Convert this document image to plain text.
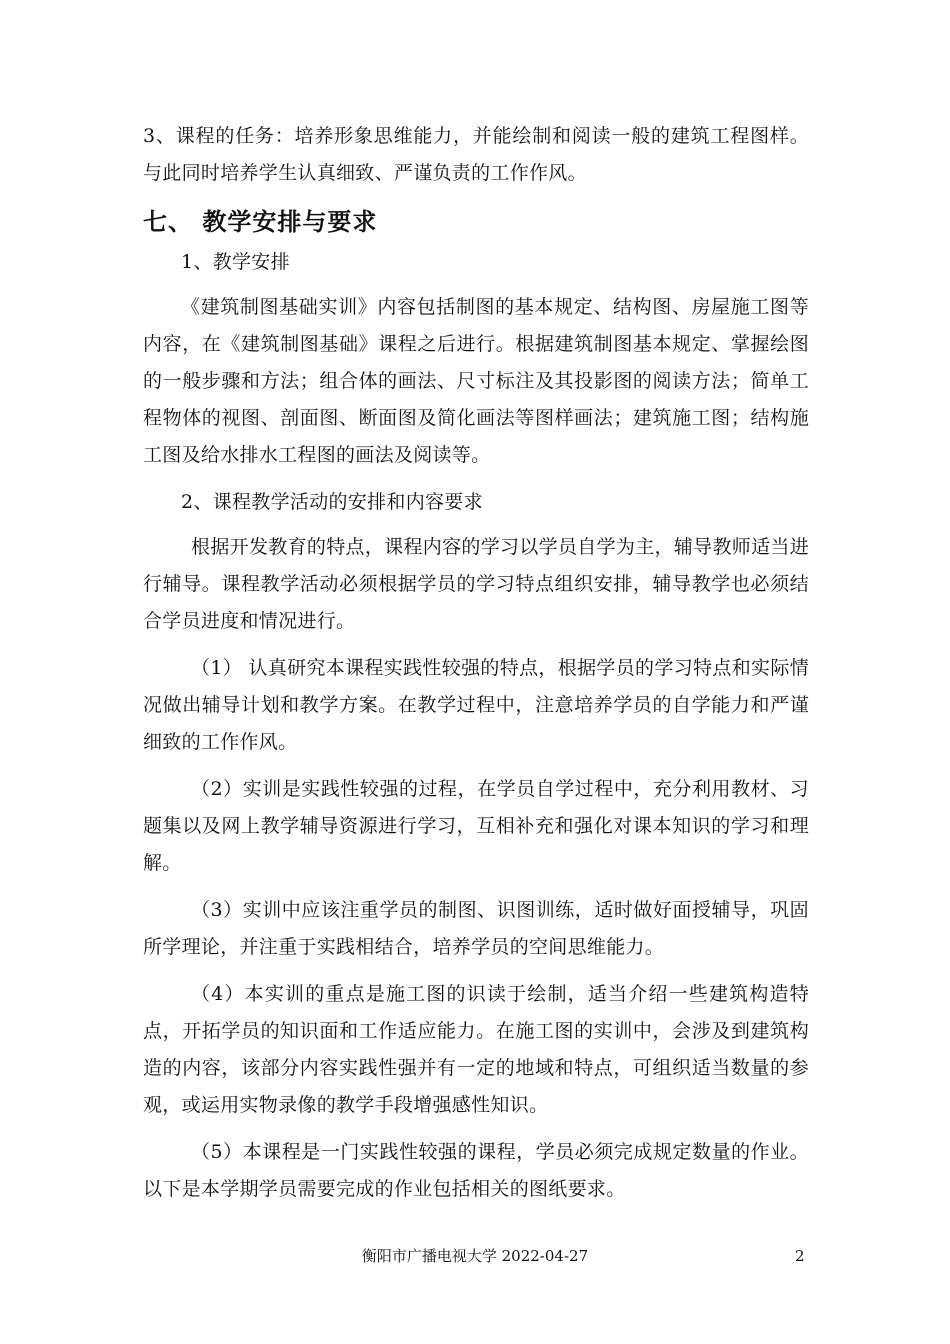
3、课程的任务：培养形象思维能力，并能绘制和阅读一般的建筑工程图样。与此同时培养学生认真细致、严谨负责的工作作风。

七、 教学安排与要求

1、教学安排

《建筑制图基础实训》内容包括制图的基本规定、结构图、房屋施工图等内容，在《建筑制图基础》课程之后进行。根据建筑制图基本规定、掌握绘图的一般步骤和方法；组合体的画法、尺寸标注及其投影图的阅读方法；简单工程物体的视图、剖面图、断面图及简化画法等图样画法；建筑施工图；结构施工图及给水排水工程图的画法及阅读等。

2、课程教学活动的安排和内容要求

根据开发教育的特点，课程内容的学习以学员自学为主，辅导教师适当进行辅导。课程教学活动必须根据学员的学习特点组织安排，辅导教学也必须结合学员进度和情况进行。

（1） 认真研究本课程实践性较强的特点，根据学员的学习特点和实际情况做出辅导计划和教学方案。在教学过程中，注意培养学员的自学能力和严谨细致的工作作风。

（2）实训是实践性较强的过程，在学员自学过程中，充分利用教材、习题集以及网上教学辅导资源进行学习，互相补充和强化对课本知识的学习和理解。

（3）实训中应该注重学员的制图、识图训练，适时做好面授辅导，巩固所学理论，并注重于实践相结合，培养学员的空间思维能力。

（4）本实训的重点是施工图的识读于绘制，适当介绍一些建筑构造特点，开拓学员的知识面和工作适应能力。在施工图的实训中，会涉及到建筑构造的内容，该部分内容实践性强并有一定的地域和特点，可组织适当数量的参观，或运用实物录像的教学手段增强感性知识。

（5）本课程是一门实践性较强的课程，学员必须完成规定数量的作业。以下是本学期学员需要完成的作业包括相关的图纸要求。

衡阳市广播电视大学 2022-04-27	2
